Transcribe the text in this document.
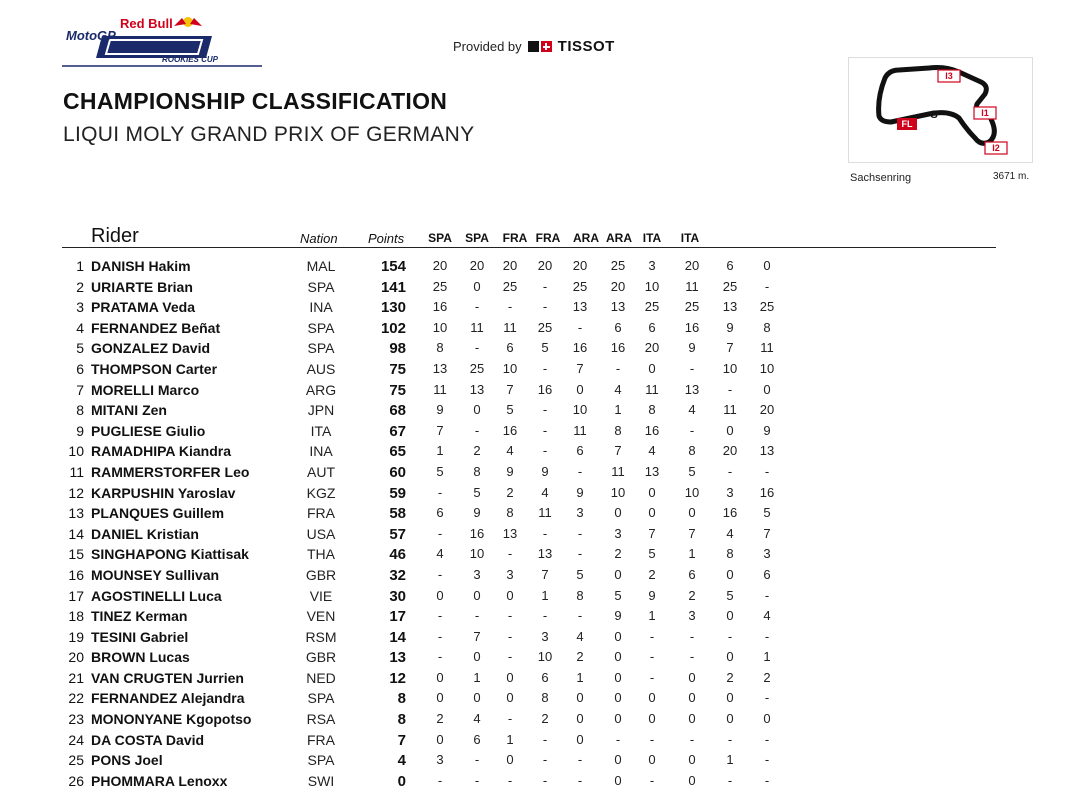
Red Bull
MotoGP
ROOKIES CUP
Provided by TISSOT
CHAMPIONSHIP CLASSIFICATION
LIQUI MOLY GRAND PRIX OF GERMANY
I3
I1
I2
FL
S
Sachsenring	3671 m.
Rider	Nation Points SPA SPA FRA FRA ARA ARA ITA	ITA
1 DANISH Hakim	MAL	154	20	20	20	20	20	25	3	20	6	0
2 URIARTE Brian	SPA	141	25	0	25	-	25	20	10	11	25	-
3 PRATAMA Veda	INA	130	16	-	-	-	13	13	25	25	13	25
4 FERNANDEZ Beñat	SPA	102	10	11	11	25	-	6	6	16	9	8
5 GONZALEZ David	SPA	98	8	-	6	5	16	16	20	9	7	11
6 THOMPSON Carter	AUS	75	13	25	10	-	7	-	0	-	10	10
7 MORELLI Marco	ARG	75	11	13	7	16	0	4	11	13	-	0
8 MITANI Zen	JPN	68	9	0	5	-	10	1	8	4	11	20
9 PUGLIESE Giulio	ITA	67	7	-	16	-	11	8	16	-	0	9
10 RAMADHIPA Kiandra	INA	65	1	2	4	-	6	7	4	8	20	13
11 RAMMERSTORFER Leo	AUT	60	5	8	9	9	-	11	13	5	-	-
12 KARPUSHIN Yaroslav	KGZ	59	-	5	2	4	9	10	0	10	3	16
13 PLANQUES Guillem	FRA	58	6	9	8	11	3	0	0	0	16	5
14 DANIEL Kristian	USA	57	-	16	13	-	-	3	7	7	4	7
15 SINGHAPONG Kiattisak	THA	46	4	10	-	13	-	2	5	1	8	3
16 MOUNSEY Sullivan	GBR	32	-	3	3	7	5	0	2	6	0	6
17 AGOSTINELLI Luca	VIE	30	0	0	0	1	8	5	9	2	5	-
18 TINEZ Kerman	VEN	17	-	-	-	-	-	9	1	3	0	4
19 TESINI Gabriel	RSM	14	-	7	-	3	4	0	-	-	-	-
20 BROWN Lucas	GBR	13	-	0	-	10	2	0	-	-	0	1
21 VAN CRUGTEN Jurrien	NED	12	0	1	0	6	1	0	-	0	2	2
22 FERNANDEZ Alejandra	SPA	8	0	0	0	8	0	0	0	0	0	-
23 MONONYANE Kgopotso	RSA	8	2	4	-	2	0	0	0	0	0	0
24 DA COSTA David	FRA	7	0	6	1	-	0	-	-	-	-	-
25 PONS Joel	SPA	4	3	-	0	-	-	0	0	0	1	-
26 PHOMMARA Lenoxx	SWI	0	-	-	-	-	-	0	-	0	-	-
